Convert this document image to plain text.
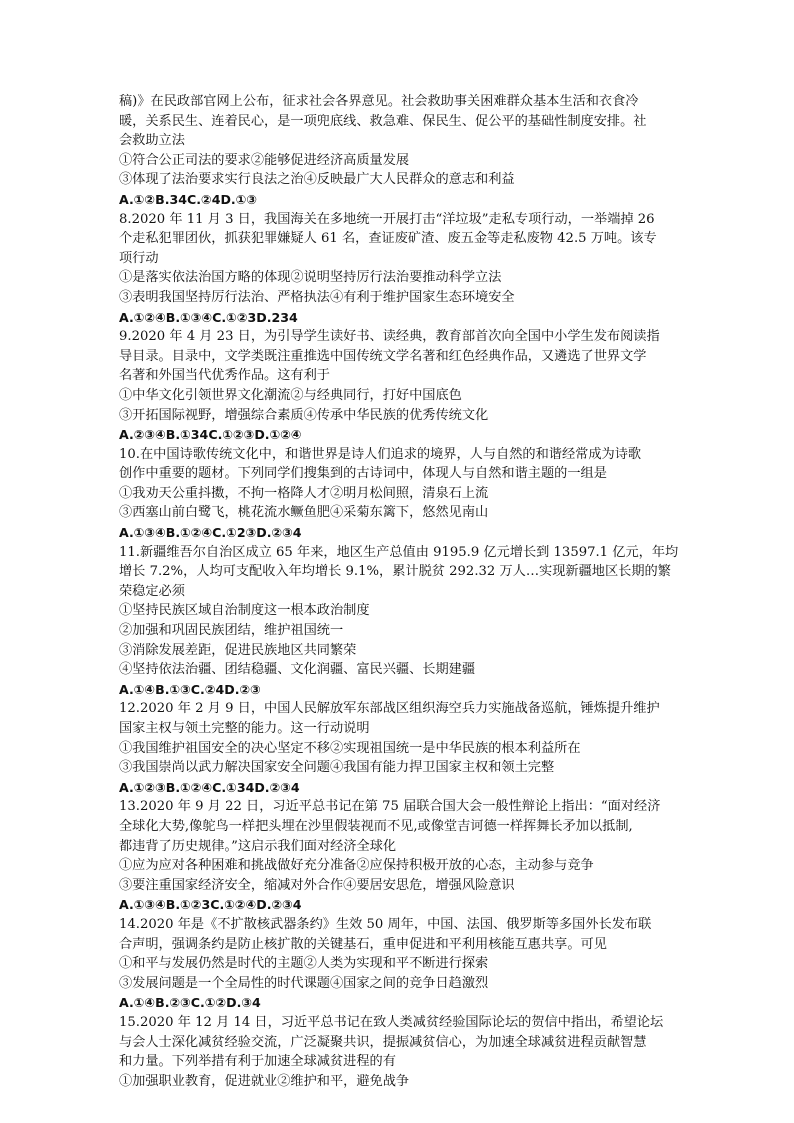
稿)》在民政部官网上公布，征求社会各界意见。社会救助事关困难群众基本生活和衣食冷
暖，关系民生、连着民心，是一项兜底线、救急难、保民生、促公平的基础性制度安排。社
会救助立法
①符合公正司法的要求②能够促进经济高质量发展
③体现了法治要求实行良法之治④反映最广大人民群众的意志和利益
A.①②B.34C.②4D.①③
8.2020 年 11 月 3 日，我国海关在多地统一开展打击“洋垃圾”走私专项行动，一举端掉 26
个走私犯罪团伙，抓获犯罪嫌疑人 61 名，查证废矿渣、废五金等走私废物 42.5 万吨。该专
项行动
①是落实依法治国方略的体现②说明坚持厉行法治要推动科学立法
③表明我国坚持厉行法治、严格执法④有利于维护国家生态环境安全
A.①②④B.①③④C.①②3D.234
9.2020 年 4 月 23 日，为引导学生读好书、读经典，教育部首次向全国中小学生发布阅读指
导目录。目录中，文学类既注重推选中国传统文学名著和红色经典作品，又遴选了世界文学
名著和外国当代优秀作品。这有利于
①中华文化引领世界文化潮流②与经典同行，打好中国底色
③开拓国际视野，增强综合素质④传承中华民族的优秀传统文化
A.②③④B.①34C.①②③D.①②④
10.在中国诗歌传统文化中，和谐世界是诗人们追求的境界，人与自然的和谐经常成为诗歌
创作中重要的题材。下列同学们搜集到的古诗词中，体现人与自然和谐主题的一组是
①我劝天公重抖擞，不拘一格降人才②明月松间照，清泉石上流
③西塞山前白鹭飞，桃花流水鳜鱼肥④采菊东篱下，悠然见南山
A.①③④B.①②④C.①2③D.②③4
11.新疆维吾尔自治区成立 65 年来，地区生产总值由 9195.9 亿元增长到 13597.1 亿元，年均
增长 7.2%，人均可支配收入年均增长 9.1%，累计脱贫 292.32 万人…实现新疆地区长期的繁
荣稳定必须
①坚持民族区域自治制度这一根本政治制度
②加强和巩固民族团结，维护祖国统一
③消除发展差距，促进民族地区共同繁荣
④坚持依法治疆、团结稳疆、文化润疆、富民兴疆、长期建疆
A.①④B.①③C.②4D.②③
12.2020 年 2 月 9 日，中国人民解放军东部战区组织海空兵力实施战备巡航，锤炼提升维护
国家主权与领土完整的能力。这一行动说明
①我国维护祖国安全的决心坚定不移②实现祖国统一是中华民族的根本利益所在
③我国崇尚以武力解决国家安全问题④我国有能力捍卫国家主权和领土完整
A.①②③B.①②④C.①34D.②③4
13.2020 年 9 月 22 日，习近平总书记在第 75 届联合国大会一般性辩论上指出：“面对经济
全球化大势,像鸵鸟一样把头埋在沙里假装视而不见,或像堂吉诃德一样挥舞长矛加以抵制,
都违背了历史规律。”这启示我们面对经济全球化
①应为应对各种困难和挑战做好充分准备②应保持积极开放的心态，主动参与竞争
③要注重国家经济安全，缩减对外合作④要居安思危，增强风险意识
A.①③④B.①②3C.①②④D.②③4
14.2020 年是《不扩散核武器条约》生效 50 周年，中国、法国、俄罗斯等多国外长发布联
合声明，强调条约是防止核扩散的关键基石，重申促进和平利用核能互惠共享。可见
①和平与发展仍然是时代的主题②人类为实现和平不断进行探索
③发展问题是一个全局性的时代课题④国家之间的竞争日趋激烈
A.①④B.②③C.①②D.③4
15.2020 年 12 月 14 日，习近平总书记在致人类减贫经验国际论坛的贺信中指出，希望论坛
与会人士深化减贫经验交流，广泛凝聚共识，提振减贫信心，为加速全球减贫进程贡献智慧
和力量。下列举措有利于加速全球减贫进程的有
①加强职业教育，促进就业②维护和平，避免战争
